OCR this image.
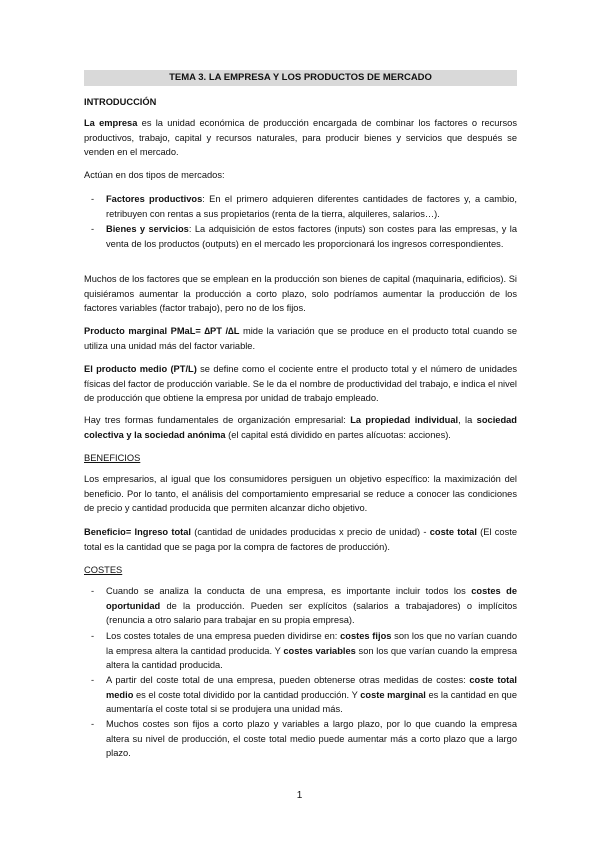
TEMA 3. LA EMPRESA Y LOS PRODUCTOS DE MERCADO
INTRODUCCIÓN

La empresa es la unidad económica de producción encargada de combinar los factores o recursos productivos, trabajo, capital y recursos naturales, para producir bienes y servicios que después se venden en el mercado.

Actúan en dos tipos de mercados:

- Factores productivos: En el primero adquieren diferentes cantidades de factores y, a cambio, retribuyen con rentas a sus propietarios (renta de la tierra, alquileres, salarios…).

- Bienes y servicios: La adquisición de estos factores (inputs) son costes para las empresas, y la venta de los productos (outputs) en el mercado les proporcionará los ingresos correspondientes.

Muchos de los factores que se emplean en la producción son bienes de capital (maquinaria, edificios). Si quisiéramos aumentar la producción a corto plazo, solo podríamos aumentar la producción de los factores variables (factor trabajo), pero no de los fijos.

Producto marginal PMaL= ∆PT /∆L mide la variación que se produce en el producto total cuando se utiliza una unidad más del factor variable.

El producto medio (PT/L) se define como el cociente entre el producto total y el número de unidades físicas del factor de producción variable. Se le da el nombre de productividad del trabajo, e indica el nivel de producción que obtiene la empresa por unidad de trabajo empleado.

Hay tres formas fundamentales de organización empresarial: La propiedad individual, la sociedad colectiva y la sociedad anónima (el capital está dividido en partes alícuotas: acciones).

BENEFICIOS

Los empresarios, al igual que los consumidores persiguen un objetivo específico: la maximización del beneficio. Por lo tanto, el análisis del comportamiento empresarial se reduce a conocer las condiciones de precio y cantidad producida que permiten alcanzar dicho objetivo.

Beneficio= Ingreso total (cantidad de unidades producidas x precio de unidad) - coste total (El coste total es la cantidad que se paga por la compra de factores de producción).

COSTES
- Cuando se analiza la conducta de una empresa, es importante incluir todos los costes de oportunidad de la producción. Pueden ser explícitos (salarios a trabajadores) o implícitos (renuncia a otro salario para trabajar en su propia empresa).

- Los costes totales de una empresa pueden dividirse en: costes fijos son los que no varían cuando la empresa altera la cantidad producida. Y costes variables son los que varían cuando la empresa altera la cantidad producida.

- A partir del coste total de una empresa, pueden obtenerse otras medidas de costes: coste total medio es el coste total dividido por la cantidad producción. Y coste marginal es la cantidad en que aumentaría el coste total si se produjera una unidad más.

- Muchos costes son fijos a corto plazo y variables a largo plazo, por lo que cuando la empresa altera su nivel de producción, el coste total medio puede aumentar más a corto plazo que a largo plazo.

1
